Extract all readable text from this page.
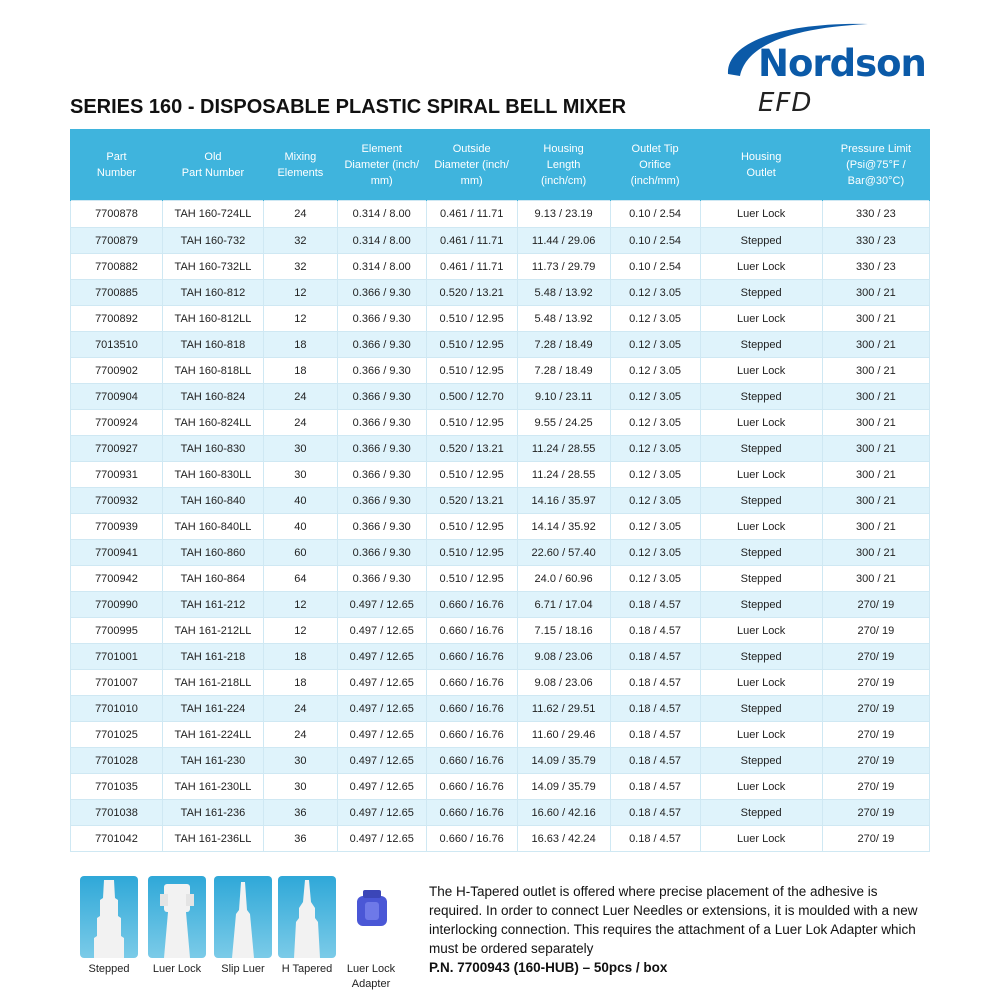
Nordson
EFD
SERIES 160 - DISPOSABLE PLASTIC SPIRAL BELL MIXER
Part
Number	Old
Part Number	Mixing
Elements	Element
Diameter (inch/
mm)	Outside
Diameter (inch/
mm)	Housing
Length
(inch/cm)	Outlet Tip
Orifice
(inch/mm)	Housing
Outlet	Pressure Limit
(Psi@75°F /
Bar@30°C)
7700878	TAH 160-724LL	24	0.314 / 8.00	0.461 / 11.71	9.13 / 23.19	0.10 / 2.54	Luer Lock	330 / 23
7700879	TAH 160-732	32	0.314 / 8.00	0.461 / 11.71	11.44 / 29.06	0.10 / 2.54	Stepped	330 / 23
7700882	TAH 160-732LL	32	0.314 / 8.00	0.461 / 11.71	11.73 / 29.79	0.10 / 2.54	Luer Lock	330 / 23
7700885	TAH 160-812	12	0.366 / 9.30	0.520 / 13.21	5.48 / 13.92	0.12 / 3.05	Stepped	300 / 21
7700892	TAH 160-812LL	12	0.366 / 9.30	0.510 / 12.95	5.48 / 13.92	0.12 / 3.05	Luer Lock	300 / 21
7013510	TAH 160-818	18	0.366 / 9.30	0.510 / 12.95	7.28 / 18.49	0.12 / 3.05	Stepped	300 / 21
7700902	TAH 160-818LL	18	0.366 / 9.30	0.510 / 12.95	7.28 / 18.49	0.12 / 3.05	Luer Lock	300 / 21
7700904	TAH 160-824	24	0.366 / 9.30	0.500 / 12.70	9.10 / 23.11	0.12 / 3.05	Stepped	300 / 21
7700924	TAH 160-824LL	24	0.366 / 9.30	0.510 / 12.95	9.55 / 24.25	0.12 / 3.05	Luer Lock	300 / 21
7700927	TAH 160-830	30	0.366 / 9.30	0.520 / 13.21	11.24 / 28.55	0.12 / 3.05	Stepped	300 / 21
7700931	TAH 160-830LL	30	0.366 / 9.30	0.510 / 12.95	11.24 / 28.55	0.12 / 3.05	Luer Lock	300 / 21
7700932	TAH 160-840	40	0.366 / 9.30	0.520 / 13.21	14.16 / 35.97	0.12 / 3.05	Stepped	300 / 21
7700939	TAH 160-840LL	40	0.366 / 9.30	0.510 / 12.95	14.14 / 35.92	0.12 / 3.05	Luer Lock	300 / 21
7700941	TAH 160-860	60	0.366 / 9.30	0.510 / 12.95	22.60 / 57.40	0.12 / 3.05	Stepped	300 / 21
7700942	TAH 160-864	64	0.366 / 9.30	0.510 / 12.95	24.0 / 60.96	0.12 / 3.05	Stepped	300 / 21
7700990	TAH 161-212	12	0.497 / 12.65	0.660 / 16.76	6.71 / 17.04	0.18 / 4.57	Stepped	270/ 19
7700995	TAH 161-212LL	12	0.497 / 12.65	0.660 / 16.76	7.15 / 18.16	0.18 / 4.57	Luer Lock	270/ 19
7701001	TAH 161-218	18	0.497 / 12.65	0.660 / 16.76	9.08 / 23.06	0.18 / 4.57	Stepped	270/ 19
7701007	TAH 161-218LL	18	0.497 / 12.65	0.660 / 16.76	9.08 / 23.06	0.18 / 4.57	Luer Lock	270/ 19
7701010	TAH 161-224	24	0.497 / 12.65	0.660 / 16.76	11.62 / 29.51	0.18 / 4.57	Stepped	270/ 19
7701025	TAH 161-224LL	24	0.497 / 12.65	0.660 / 16.76	11.60 / 29.46	0.18 / 4.57	Luer Lock	270/ 19
7701028	TAH 161-230	30	0.497 / 12.65	0.660 / 16.76	14.09 / 35.79	0.18 / 4.57	Stepped	270/ 19
7701035	TAH 161-230LL	30	0.497 / 12.65	0.660 / 16.76	14.09 / 35.79	0.18 / 4.57	Luer Lock	270/ 19
7701038	TAH 161-236	36	0.497 / 12.65	0.660 / 16.76	16.60 / 42.16	0.18 / 4.57	Stepped	270/ 19
7701042	TAH 161-236LL	36	0.497 / 12.65	0.660 / 16.76	16.63 / 42.24	0.18 / 4.57	Luer Lock	270/ 19
Stepped	Luer Lock	Slip Luer	H Tapered	Luer Lock
Adapter

The H-Tapered outlet is offered where precise placement of the adhesive is required. In order to connect Luer Needles or extensions, it is moulded with a new interlocking connection. This requires the attachment of a Luer Lok Adapter which must be ordered separately
P.N. 7700943 (160-HUB) – 50pcs / box
